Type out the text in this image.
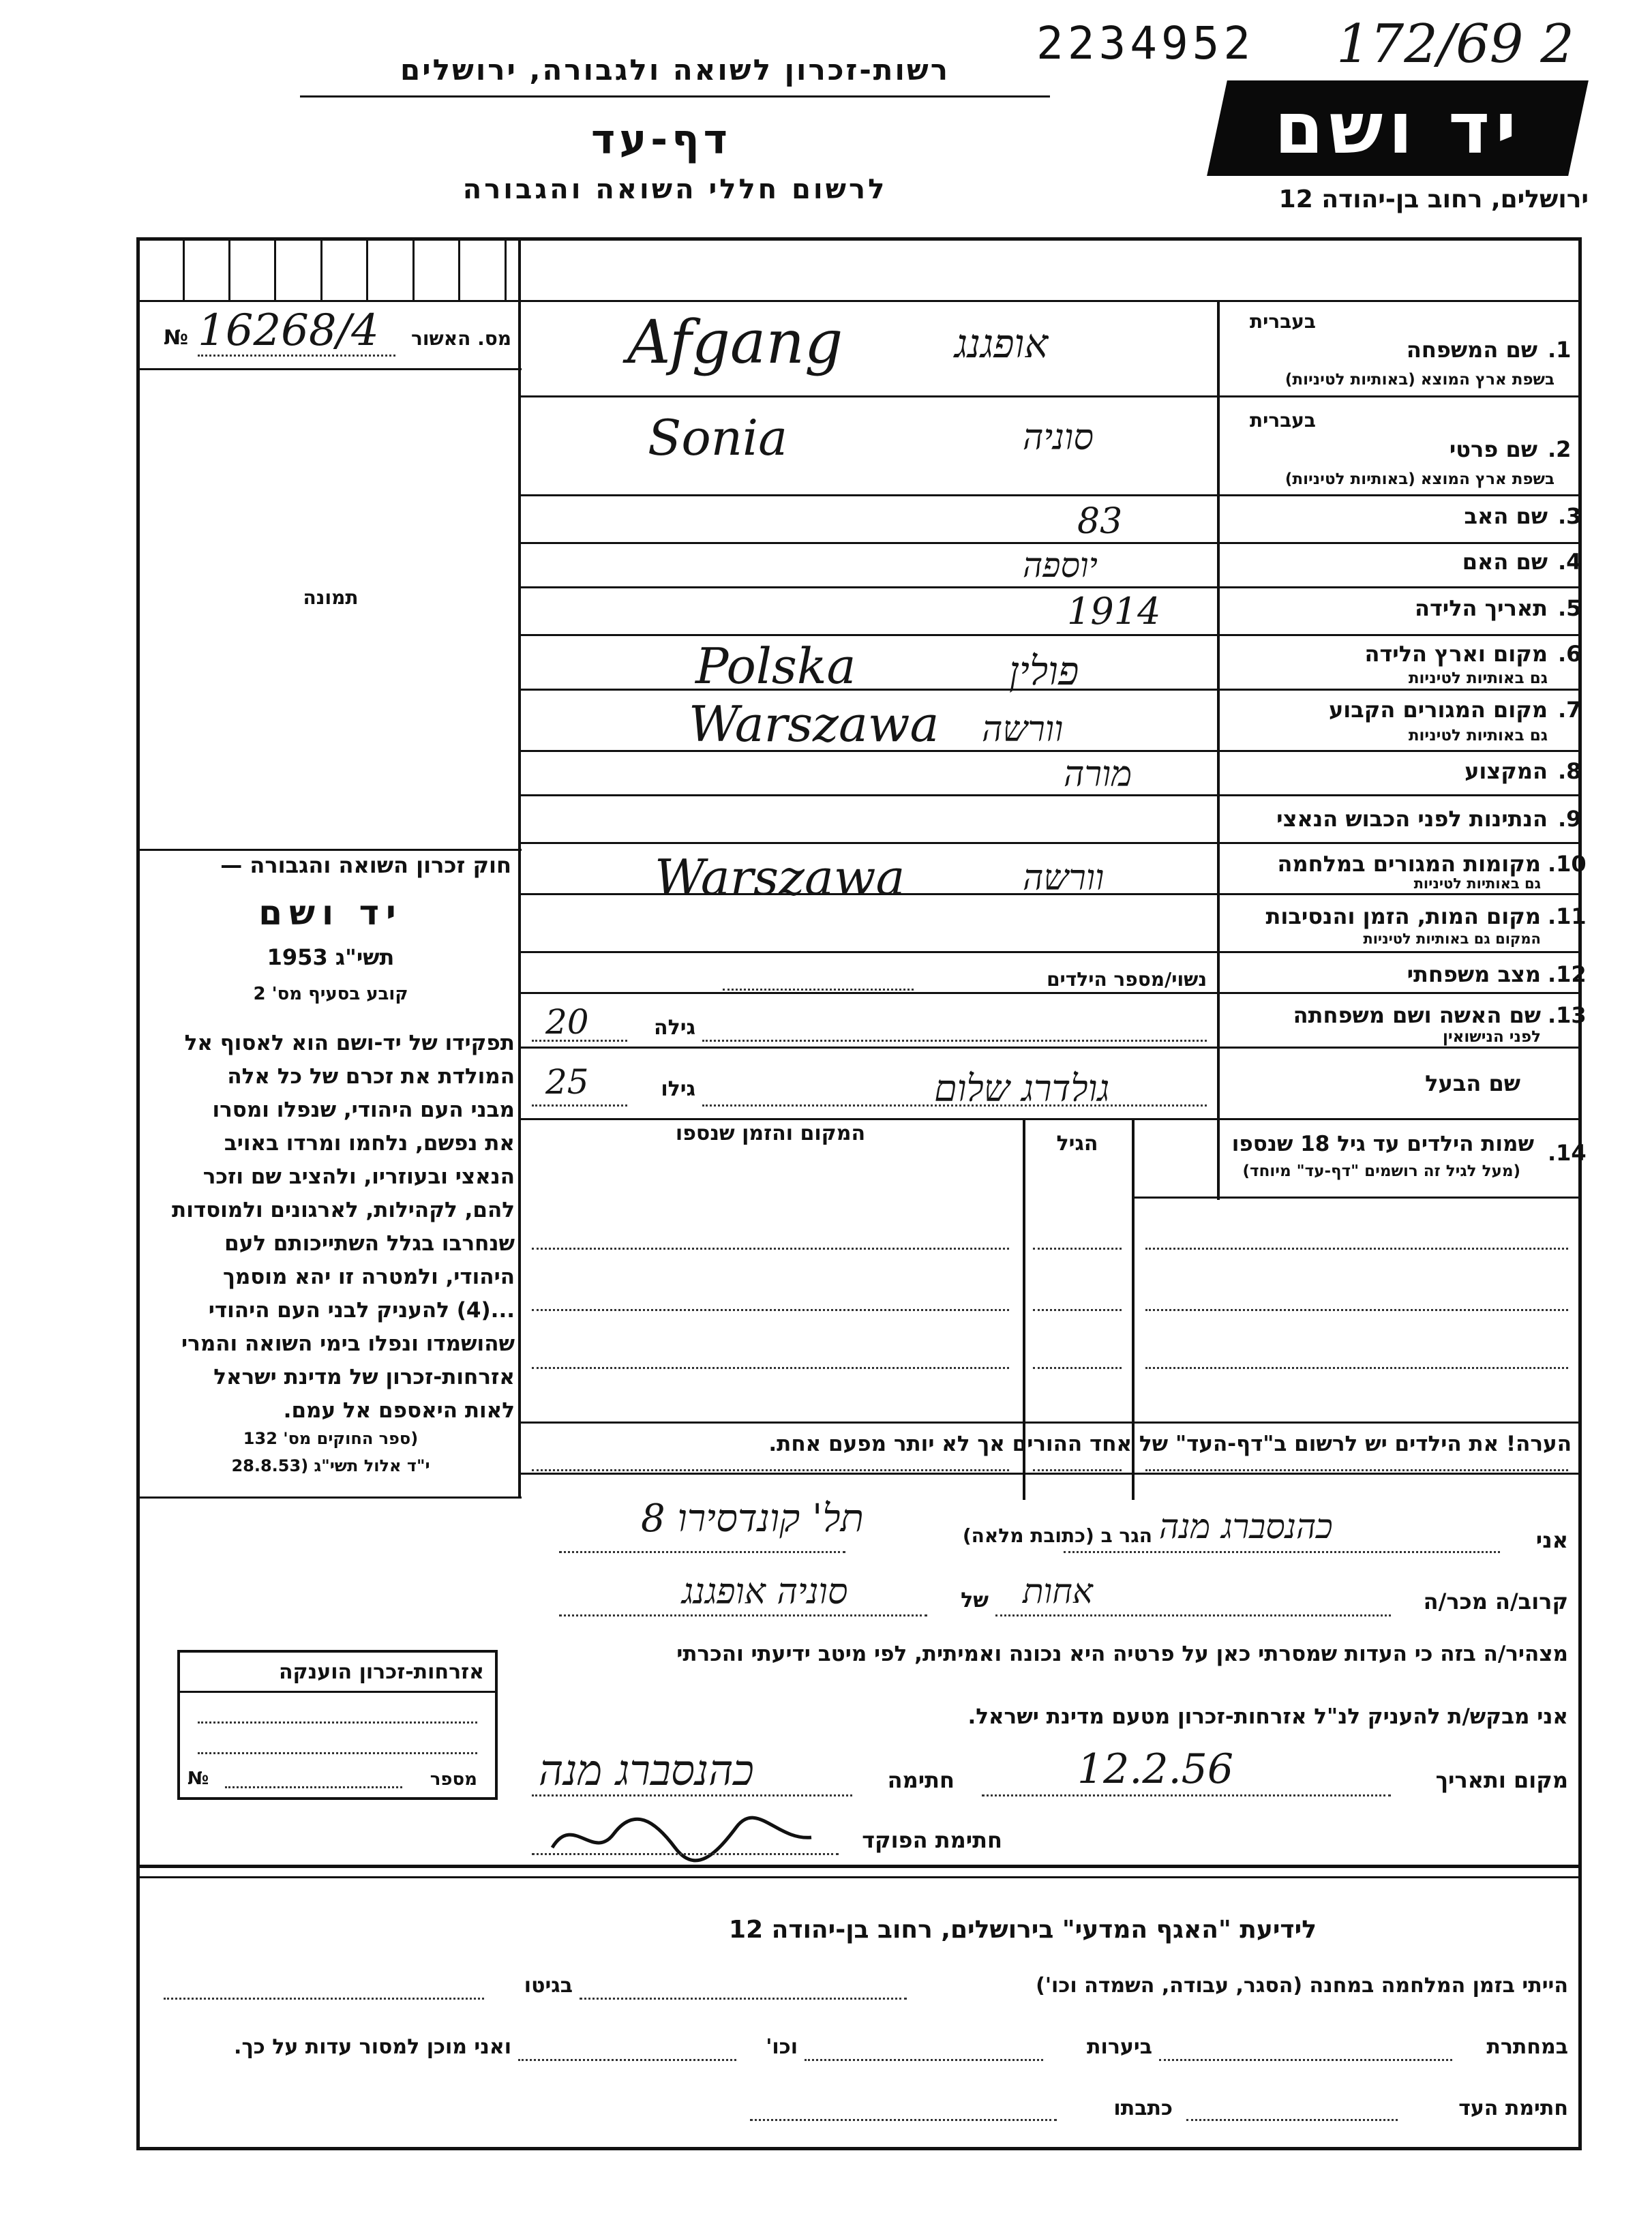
2234952 172/69 2
רשות-זכרון לשואה ולגבורה, ירושלים
דף-עד
לרשום חללי השואה והגבורה
יד ושם
ירושלים, רחוב בן-יהודה 12
מס. האשור
16268/4
№
תמונה
חוק זכרון השואה והגבורה —
יד ושם
תשי"ג 1953
קובע בסעיף מס' 2
תפקידו של יד-ושם הוא לאסוף אל
המולדת את זכרם של כל אלה
מבני העם היהודי, שנפלו ומסרו
את נפשם, נלחמו ומרדו באויב
הנאצי ובעוזריו, ולהציב שם וזכר
להם, לקהילות, לארגונים ולמוסדות
שנחרבו בגלל השתייכותם לעם
היהודי, ולמטרה זו יהא מוסמך
...(4) להעניק לבני העם היהודי
שהושמדו ונפלו בימי השואה והמרי
אזרחות-זכרון של מדינת ישראל
לאות היאספם אל עמם.
(ספר החוקים מס' 132
י"ד אלול תשי"ג (28.8.53
1.
בעברית
שם המשפחה
בשפת ארץ המוצא (באותיות לטיניות)
אופגנג
Afgang
2.
בעברית
שם פרטי
בשפת ארץ המוצא (באותיות לטיניות)
סוניה
Sonia
3.
שם האב
83
4.
שם האם
יוספה
5.
תאריך הלידה
1914
6.
מקום וארץ הלידה
גם באותיות לטיניות
פולין
Polska
7.
מקום המגורים הקבוע
גם באותיות לטיניות
וורשה
Warszawa
8.
המקצוע
מורה
9.
הנתינות לפני הכבוש הנאצי
10.
מקומות המגורים במלחמה
גם באותיות לטיניות
וורשה
Warszawa
11.
מקום המות, הזמן והנסיבות
המקום גם באותיות לטיניות
12.
מצב משפחתי
נשוי/מספר הילדים
13.
שם האשה ושם משפחתה
לפני הנישואין
גילה
20
שם הבעל
גילו
25	גולדרג שלום
14.
שמות הילדים עד גיל 18 שנספו
(מעל לגיל זה רושמים "דף-עד" מיוחד)
הגיל
המקום והזמן שנספו
הערה! את הילדים יש לרשום ב"דף-העד" של אחד ההורים אך לא יותר מפעם אחת.
אני
כהנסברג מנה
הגר ב (כתובת מלאה)
תל' קונדסירו 8
קרוב/ה מכר/ה
אחות
של
סוניה אופגנג
מצהיר/ה בזה כי העדות שמסרתי כאן על פרטיה היא נכונה ואמיתית, לפי מיטב ידיעתי והכרתי
אני מבקש/ת להעניק לנ"ל אזרחות-זכרון מטעם מדינת ישראל.
מקום ותאריך
12.2.56
חתימה
כהנסברג מנה
חתימת הפוקד
אזרחות-זכרון הוענקה
מספר
№
לידיעת "האגף המדעי" בירושלים, רחוב בן-יהודה 12
הייתי בזמן המלחמה במחנה (הסגר, עבודה, השמדה וכו')
בגיטו
במחתרת
ביערות
וכו'
ואני מוכן למסור עדות על כך.
חתימת העד
כתבתו
